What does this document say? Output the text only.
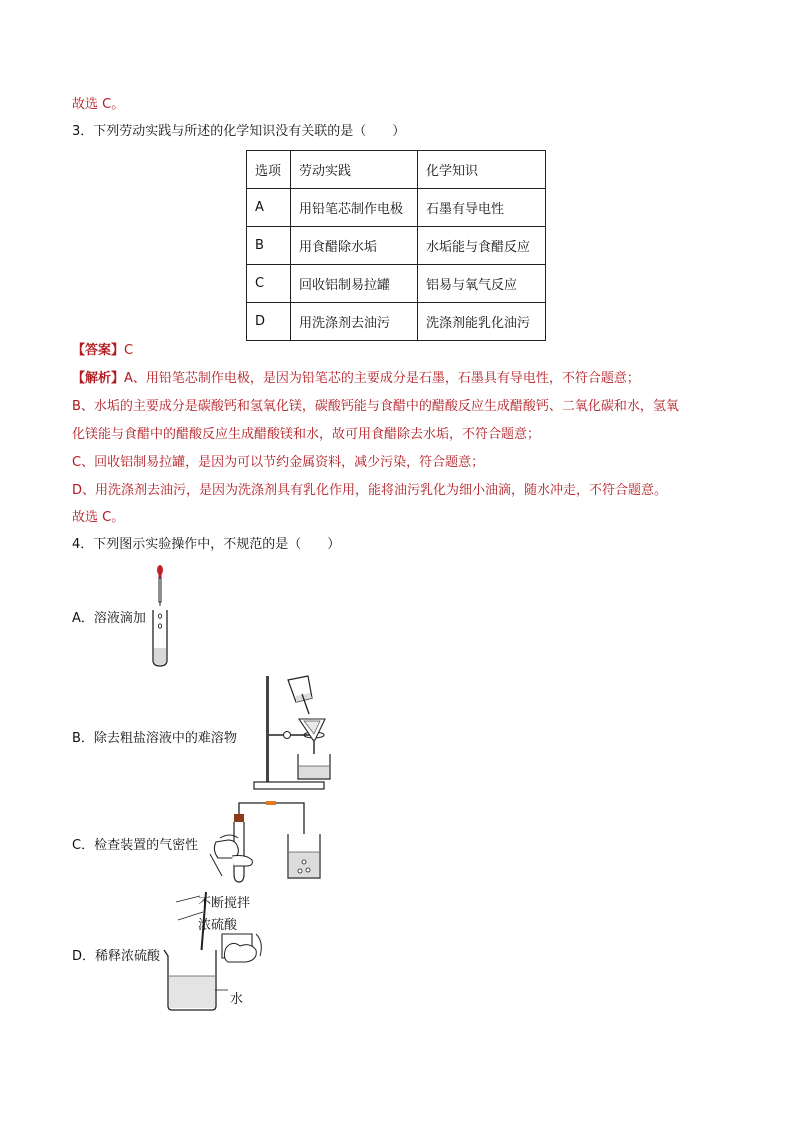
故选 C。
3．下列劳动实践与所述的化学知识没有关联的是（　　）
选项	劳动实践	化学知识
A	用铅笔芯制作电极	石墨有导电性
B	用食醋除水垢	水垢能与食醋反应
C	回收铝制易拉罐	铝易与氧气反应
D	用洗涤剂去油污	洗涤剂能乳化油污
【答案】C
【解析】A、用铅笔芯制作电极，是因为铅笔芯的主要成分是石墨，石墨具有导电性，不符合题意；
B、水垢的主要成分是碳酸钙和氢氧化镁，碳酸钙能与食醋中的醋酸反应生成醋酸钙、二氧化碳和水，氢氧
化镁能与食醋中的醋酸反应生成醋酸镁和水，故可用食醋除去水垢，不符合题意；
C、回收铝制易拉罐，是因为可以节约金属资料，减少污染，符合题意；
D、用洗涤剂去油污，是因为洗涤剂具有乳化作用，能将油污乳化为细小油滴，随水冲走，不符合题意。
故选 C。
4．下列图示实验操作中，不规范的是（　　）
A．溶液滴加
B．除去粗盐溶液中的难溶物
C．检查装置的气密性
D．稀释浓硫酸
不断搅拌
浓硫酸
水
